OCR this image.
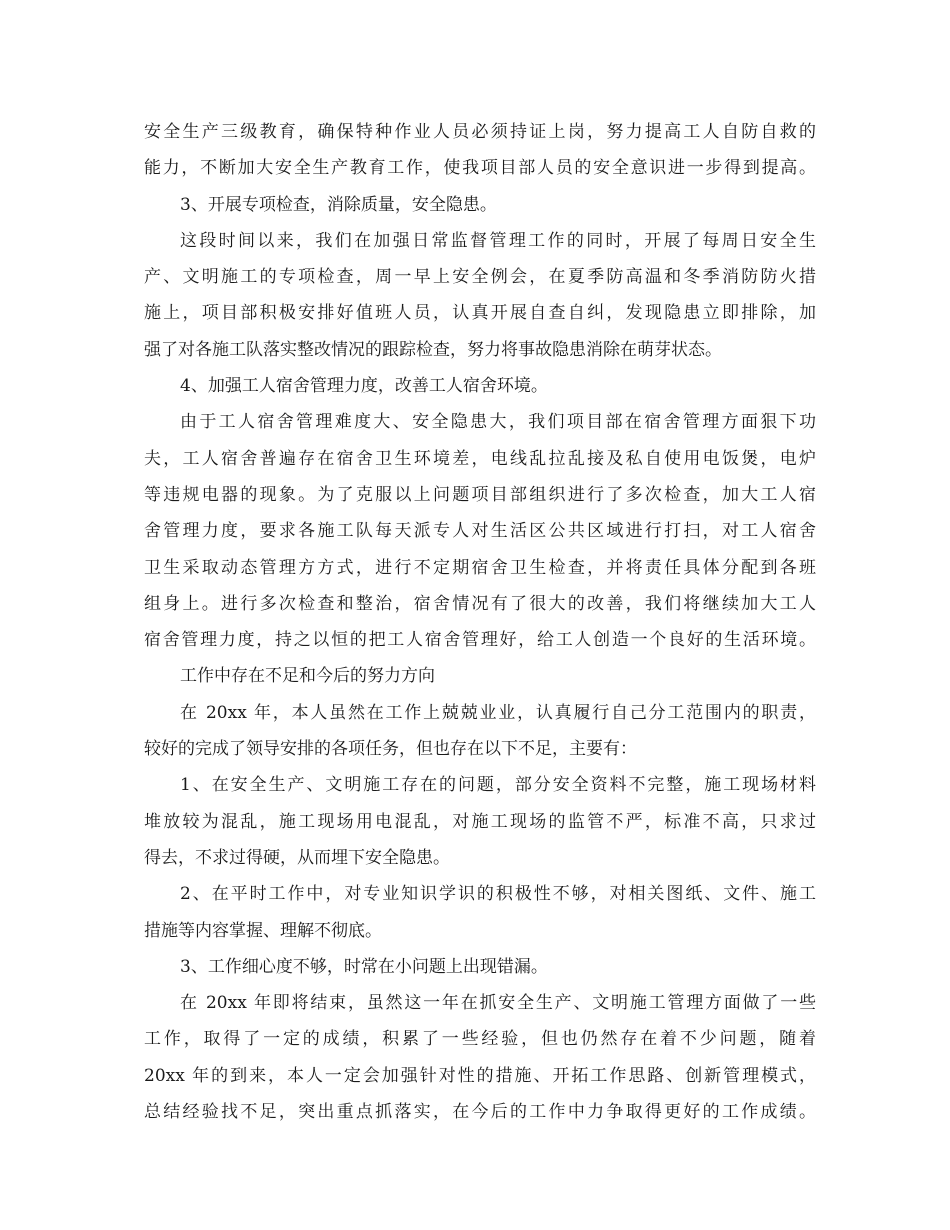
安全生产三级教育，确保特种作业人员必须持证上岗，努力提高工人自防自救的
能力，不断加大安全生产教育工作，使我项目部人员的安全意识进一步得到提高。
3、开展专项检查，消除质量，安全隐患。
这段时间以来，我们在加强日常监督管理工作的同时，开展了每周日安全生
产、文明施工的专项检查，周一早上安全例会，在夏季防高温和冬季消防防火措
施上，项目部积极安排好值班人员，认真开展自查自纠，发现隐患立即排除，加
强了对各施工队落实整改情况的跟踪检查，努力将事故隐患消除在萌芽状态。
4、加强工人宿舍管理力度，改善工人宿舍环境。
由于工人宿舍管理难度大、安全隐患大，我们项目部在宿舍管理方面狠下功
夫，工人宿舍普遍存在宿舍卫生环境差，电线乱拉乱接及私自使用电饭煲，电炉
等违规电器的现象。为了克服以上问题项目部组织进行了多次检查，加大工人宿
舍管理力度，要求各施工队每天派专人对生活区公共区域进行打扫，对工人宿舍
卫生采取动态管理方方式，进行不定期宿舍卫生检查，并将责任具体分配到各班
组身上。进行多次检查和整治，宿舍情况有了很大的改善，我们将继续加大工人
宿舍管理力度，持之以恒的把工人宿舍管理好，给工人创造一个良好的生活环境。
工作中存在不足和今后的努力方向
在 20xx 年，本人虽然在工作上兢兢业业，认真履行自己分工范围内的职责，
较好的完成了领导安排的各项任务，但也存在以下不足，主要有：
1、在安全生产、文明施工存在的问题，部分安全资料不完整，施工现场材料
堆放较为混乱，施工现场用电混乱，对施工现场的监管不严，标准不高，只求过
得去，不求过得硬，从而埋下安全隐患。
2、在平时工作中，对专业知识学识的积极性不够，对相关图纸、文件、施工
措施等内容掌握、理解不彻底。
3、工作细心度不够，时常在小问题上出现错漏。
在 20xx 年即将结束，虽然这一年在抓安全生产、文明施工管理方面做了一些
工作，取得了一定的成绩，积累了一些经验，但也仍然存在着不少问题，随着
20xx 年的到来，本人一定会加强针对性的措施、开拓工作思路、创新管理模式，
总结经验找不足，突出重点抓落实，在今后的工作中力争取得更好的工作成绩。
